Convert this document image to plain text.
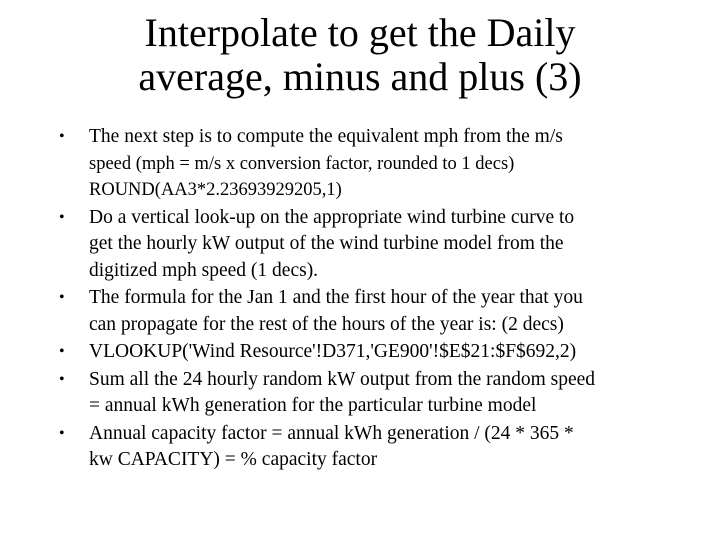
Interpolate to get the Daily
average, minus and plus (3)
• The next step is to compute the equivalent mph from the m/s
speed (mph = m/s x conversion factor, rounded to 1 decs)
ROUND(AA3*2.23693929205,1)
• Do a vertical look-up on the appropriate wind turbine curve to
get the hourly kW output of the wind turbine model from the
digitized mph speed (1 decs).
• The formula for the Jan 1 and the first hour of the year that you
can propagate for the rest of the hours of the year is: (2 decs)
• VLOOKUP('Wind Resource'!D371,'GE900'!$E$21:$F$692,2)
• Sum all the 24 hourly random kW output from the random speed
= annual kWh generation for the particular turbine model
• Annual capacity factor = annual kWh generation / (24 * 365 *
kw CAPACITY) = % capacity factor
